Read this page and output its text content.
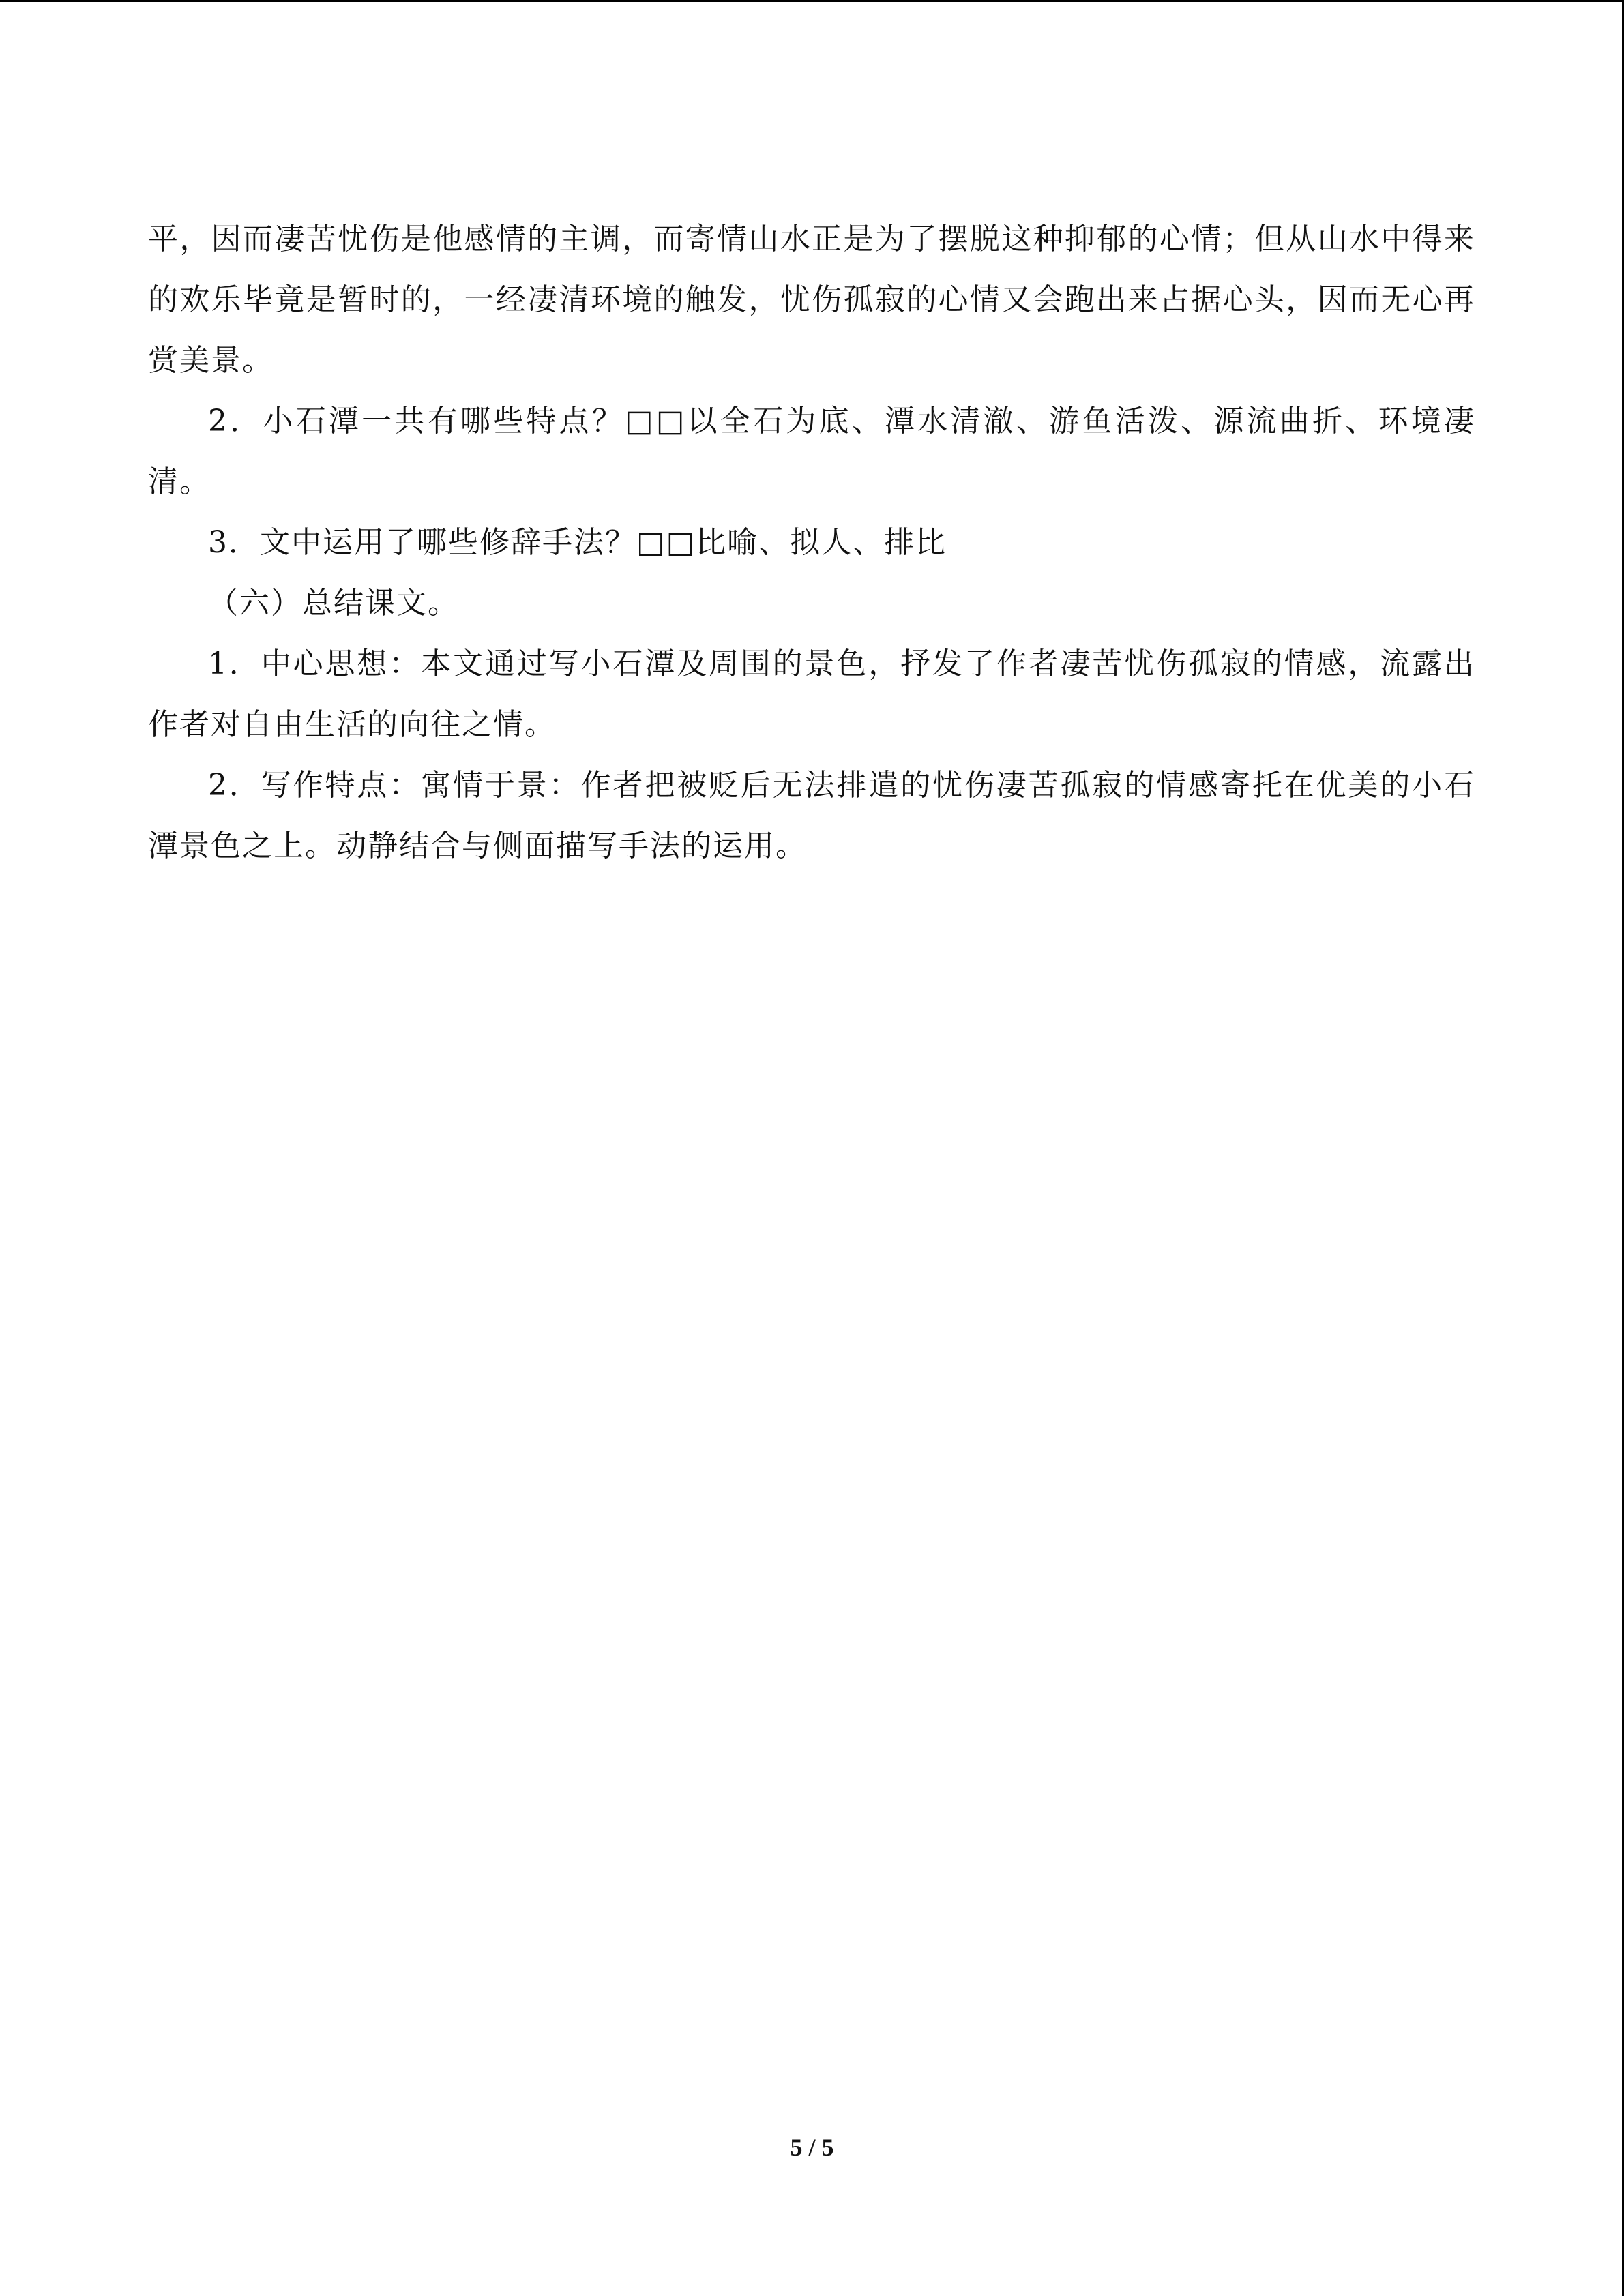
平，因而凄苦忧伤是他感情的主调，而寄情山水正是为了摆脱这种抑郁的心情；但从山水中得来的欢乐毕竟是暂时的，一经凄清环境的触发，忧伤孤寂的心情又会跑出来占据心头，因而无心再赏美景。

2．小石潭一共有哪些特点？□□以全石为底、潭水清澈、游鱼活泼、源流曲折、环境凄清。

3．文中运用了哪些修辞手法？□□比喻、拟人、排比

（六）总结课文。

1．中心思想：本文通过写小石潭及周围的景色，抒发了作者凄苦忧伤孤寂的情感，流露出作者对自由生活的向往之情。

2．写作特点：寓情于景：作者把被贬后无法排遣的忧伤凄苦孤寂的情感寄托在优美的小石潭景色之上。动静结合与侧面描写手法的运用。

5 / 5
